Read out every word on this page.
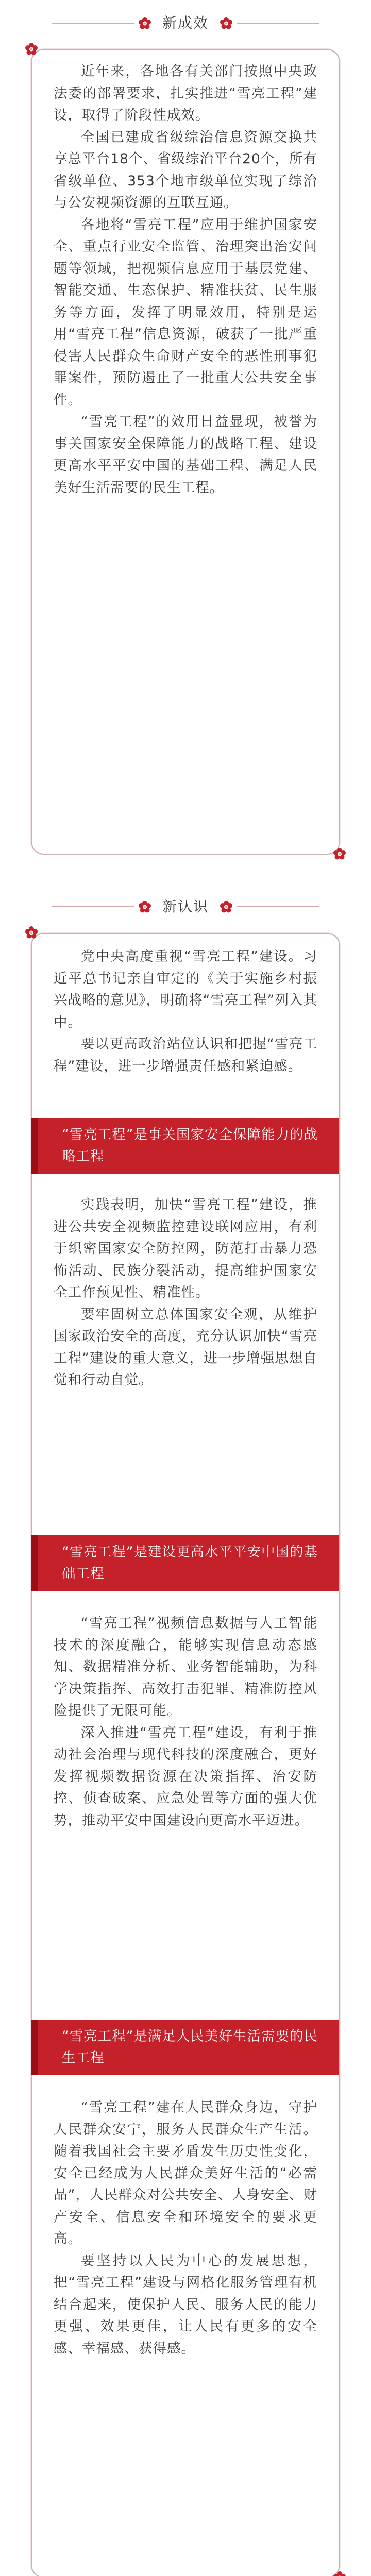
新成效

近年来，各地各有关部门按照中央政法委的部署要求，扎实推进“雪亮工程”建设，取得了阶段性成效。

全国已建成省级综治信息资源交换共享总平台18个、省级综治平台20个，所有省级单位、353个地市级单位实现了综治与公安视频资源的互联互通。

各地将“雪亮工程”应用于维护国家安全、重点行业安全监管、治理突出治安问题等领域，把视频信息应用于基层党建、智能交通、生态保护、精准扶贫、民生服务等方面，发挥了明显效用，特别是运用“雪亮工程”信息资源，破获了一批严重侵害人民群众生命财产安全的恶性刑事犯罪案件，预防遏止了一批重大公共安全事件。

“雪亮工程”的效用日益显现，被誉为事关国家安全保障能力的战略工程、建设更高水平平安中国的基础工程、满足人民美好生活需要的民生工程。

新认识

党中央高度重视“雪亮工程”建设。习近平总书记亲自审定的《关于实施乡村振兴战略的意见》，明确将“雪亮工程”列入其中。

要以更高政治站位认识和把握“雪亮工程”建设，进一步增强责任感和紧迫感。

“雪亮工程”是事关国家安全保障能力的战略工程

实践表明，加快“雪亮工程”建设，推进公共安全视频监控建设联网应用，有利于织密国家安全防控网，防范打击暴力恐怖活动、民族分裂活动，提高维护国家安全工作预见性、精准性。

要牢固树立总体国家安全观，从维护国家政治安全的高度，充分认识加快“雪亮工程”建设的重大意义，进一步增强思想自觉和行动自觉。

“雪亮工程”是建设更高水平平安中国的基础工程

“雪亮工程”视频信息数据与人工智能技术的深度融合，能够实现信息动态感知、数据精准分析、业务智能辅助，为科学决策指挥、高效打击犯罪、精准防控风险提供了无限可能。

深入推进“雪亮工程”建设，有利于推动社会治理与现代科技的深度融合，更好发挥视频数据资源在决策指挥、治安防控、侦查破案、应急处置等方面的强大优势，推动平安中国建设向更高水平迈进。

“雪亮工程”是满足人民美好生活需要的民生工程

“雪亮工程”建在人民群众身边，守护人民群众安宁，服务人民群众生产生活。随着我国社会主要矛盾发生历史性变化，安全已经成为人民群众美好生活的“必需品”，人民群众对公共安全、人身安全、财产安全、信息安全和环境安全的要求更高。

要坚持以人民为中心的发展思想，把“雪亮工程”建设与网格化服务管理有机结合起来，使保护人民、服务人民的能力更强、效果更佳，让人民有更多的安全感、幸福感、获得感。
